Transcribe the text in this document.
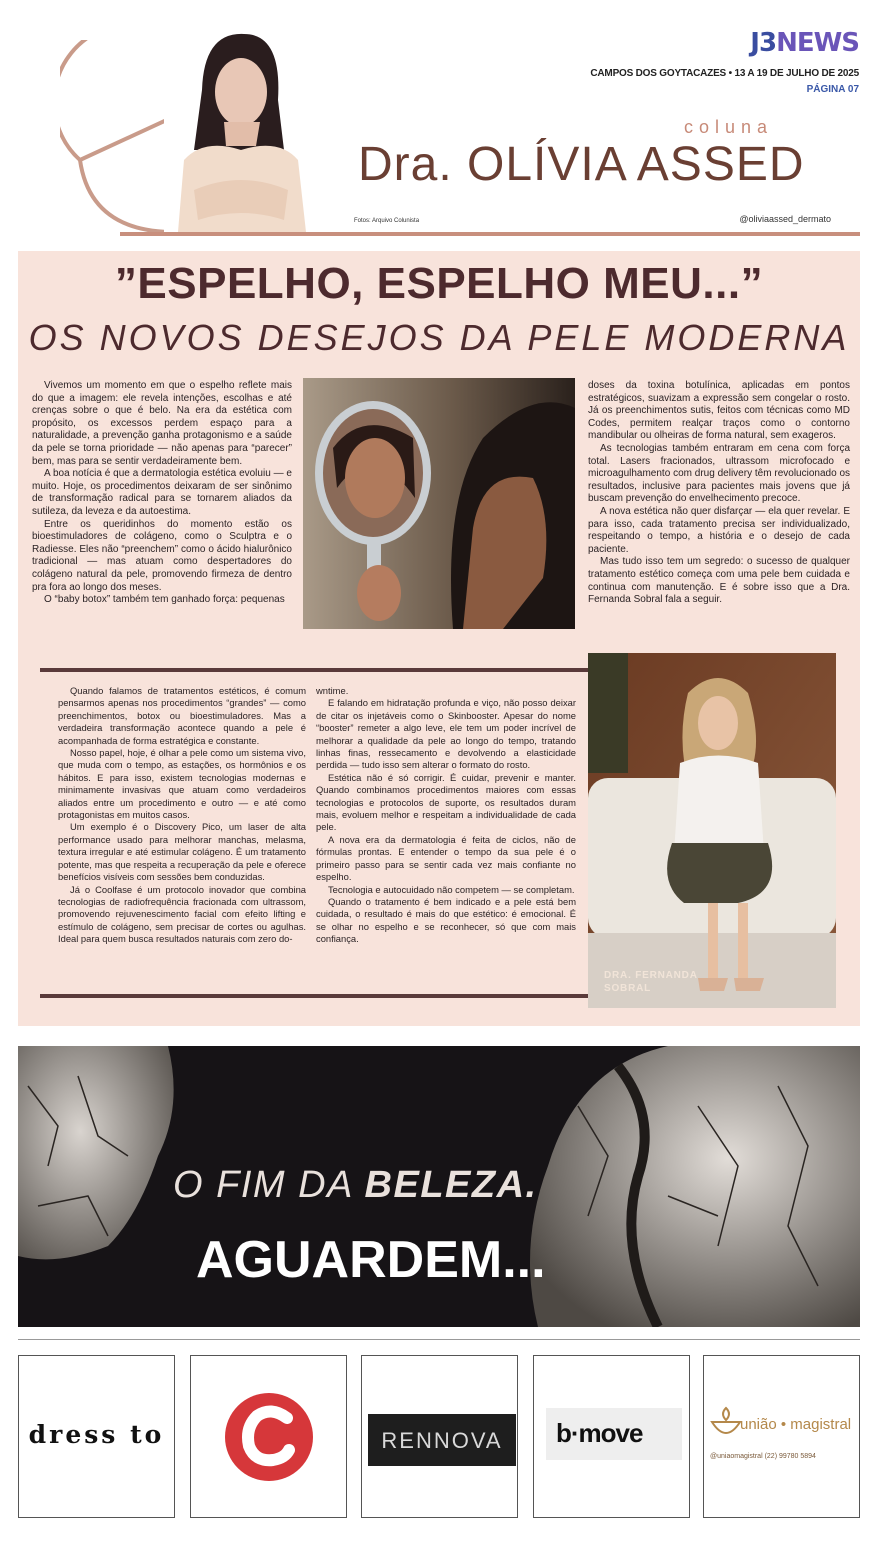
Fotos: Arquivo Colunista
J3NEWS
CAMPOS DOS GOYTACAZES • 13 A 19 DE JULHO DE 2025
PÁGINA 07
coluna
Dra. OLÍVIA ASSED
@oliviaassed_dermato
”ESPELHO, ESPELHO MEU...”
OS NOVOS DESEJOS DA PELE MODERNA

Vivemos um momento em que o espelho reflete mais do que a imagem: ele revela intenções, escolhas e até crenças sobre o que é belo. Na era da estética com propósito, os excessos perdem espaço para a naturalidade, a prevenção ganha protagonismo e a saúde da pele se torna prioridade — não apenas para “parecer” bem, mas para se sentir verdadeiramente bem.

A boa notícia é que a dermatologia estética evoluiu — e muito. Hoje, os procedimentos deixaram de ser sinônimo de transformação radical para se tornarem aliados da sutileza, da leveza e da autoestima.

Entre os queridinhos do momento estão os bioestimuladores de colágeno, como o Sculptra e o Radiesse. Eles não “preenchem” como o ácido hialurônico tradicional — mas atuam como despertadores do colágeno natural da pele, promovendo firmeza de dentro pra fora ao longo dos meses.

O “baby botox” também tem ganhado força: pequenas

doses da toxina botulínica, aplicadas em pontos estratégicos, suavizam a expressão sem congelar o rosto. Já os preenchimentos sutis, feitos com técnicas como MD Codes, permitem realçar traços como o contorno mandibular ou olheiras de forma natural, sem exageros.

As tecnologias também entraram em cena com força total. Lasers fracionados, ultrassom microfocado e microagulhamento com drug delivery têm revolucionado os resultados, inclusive para pacientes mais jovens que já buscam prevenção do envelhecimento precoce.

A nova estética não quer disfarçar — ela quer revelar. E para isso, cada tratamento precisa ser individualizado, respeitando o tempo, a história e o desejo de cada paciente.

Mas tudo isso tem um segredo: o sucesso de qualquer tratamento estético começa com uma pele bem cuidada e continua com manutenção. E é sobre isso que a Dra. Fernanda Sobral fala a seguir.

Quando falamos de tratamentos estéticos, é comum pensarmos apenas nos procedimentos “grandes” — como preenchimentos, botox ou bioestimuladores. Mas a verdadeira transformação acontece quando a pele é acompanhada de forma estratégica e constante.

Nosso papel, hoje, é olhar a pele como um sistema vivo, que muda com o tempo, as estações, os hormônios e os hábitos. E para isso, existem tecnologias modernas e minimamente invasivas que atuam como verdadeiros aliados entre um procedimento e outro — e até como protagonistas em muitos casos.

Um exemplo é o Discovery Pico, um laser de alta performance usado para melhorar manchas, melasma, textura irregular e até estimular colágeno. É um tratamento potente, mas que respeita a recuperação da pele e oferece benefícios visíveis com sessões bem conduzidas.

Já o Coolfase é um protocolo inovador que combina tecnologias de radiofrequência fracionada com ultrassom, promovendo rejuvenescimento facial com efeito lifting e estímulo de colágeno, sem precisar de cortes ou agulhas. Ideal para quem busca resultados naturais com zero do-

wntime.

E falando em hidratação profunda e viço, não posso deixar de citar os injetáveis como o Skinbooster. Apesar do nome “booster” remeter a algo leve, ele tem um poder incrível de melhorar a qualidade da pele ao longo do tempo, tratando linhas finas, ressecamento e devolvendo a elasticidade perdida — tudo isso sem alterar o formato do rosto.

Estética não é só corrigir. É cuidar, prevenir e manter. Quando combinamos procedimentos maiores com essas tecnologias e protocolos de suporte, os resultados duram mais, evoluem melhor e respeitam a individualidade de cada pele.

A nova era da dermatologia é feita de ciclos, não de fórmulas prontas. E entender o tempo da sua pele é o primeiro passo para se sentir cada vez mais confiante no espelho.

Tecnologia e autocuidado não competem — se completam.

Quando o tratamento é bem indicado e a pele está bem cuidada, o resultado é mais do que estético: é emocional. É se olhar no espelho e se reconhecer, só que com mais confiança.

DRA. FERNANDA
SOBRAL
O FIM DA BELEZA.
AGUARDEM...
dress to	RENNOVA	b·move	união • magistral
@uniaomagistral (22) 99780 5894
